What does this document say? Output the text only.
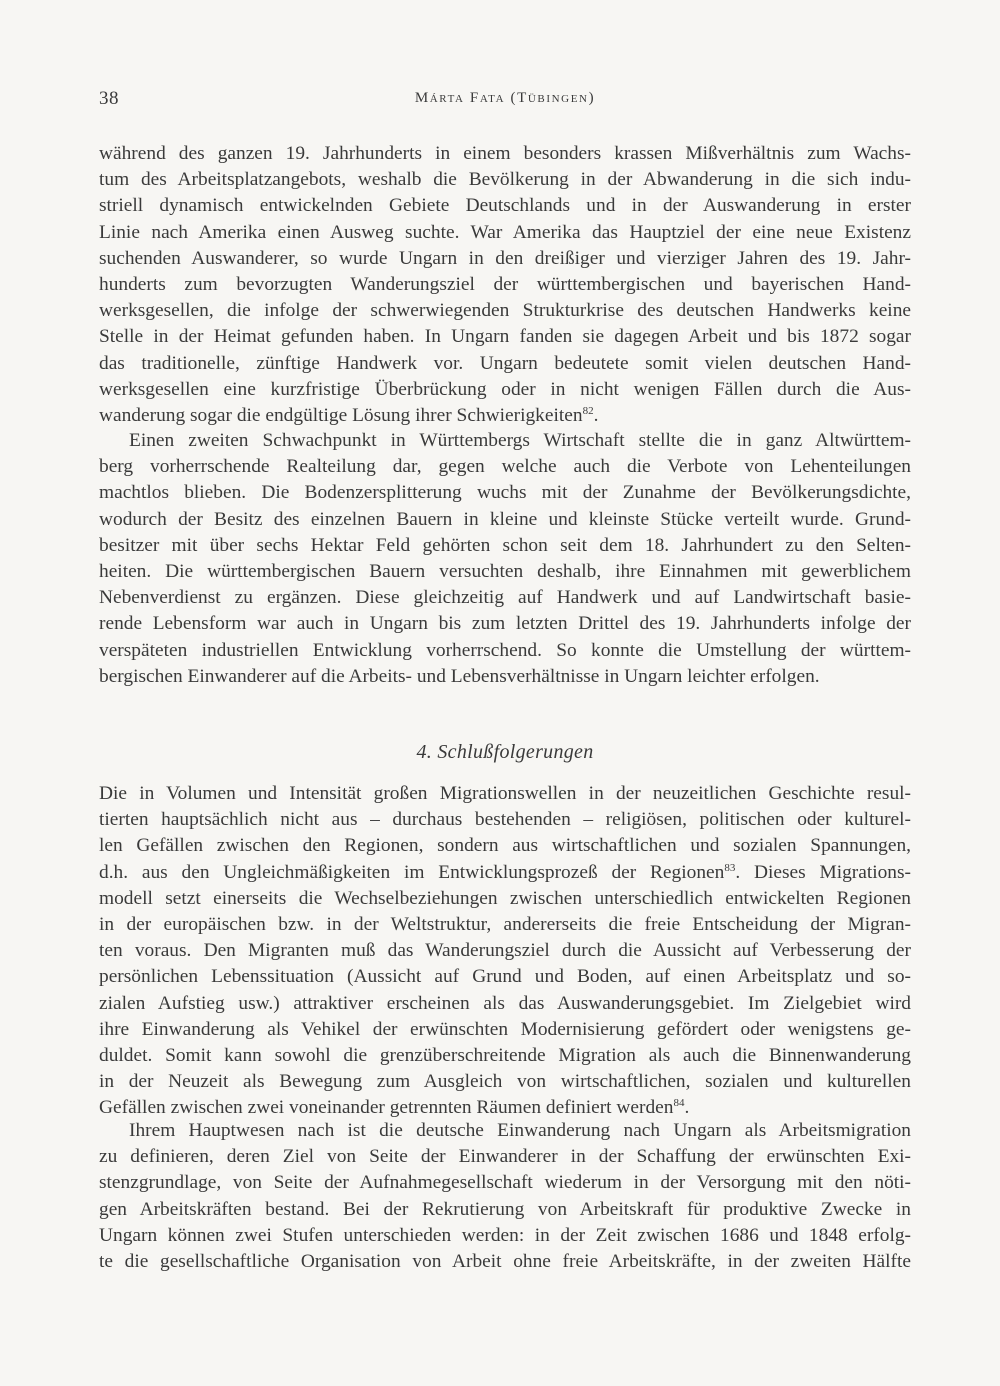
38	Márta Fata (Tübingen)
während des ganzen 19. Jahrhunderts in einem besonders krassen Mißverhältnis zum Wachs-
tum des Arbeitsplatzangebots, weshalb die Bevölkerung in der Abwanderung in die sich indu-
striell dynamisch entwickelnden Gebiete Deutschlands und in der Auswanderung in erster
Linie nach Amerika einen Ausweg suchte. War Amerika das Hauptziel der eine neue Existenz
suchenden Auswanderer, so wurde Ungarn in den dreißiger und vierziger Jahren des 19. Jahr-
hunderts zum bevorzugten Wanderungsziel der württembergischen und bayerischen Hand-
werksgesellen, die infolge der schwerwiegenden Strukturkrise des deutschen Handwerks keine
Stelle in der Heimat gefunden haben. In Ungarn fanden sie dagegen Arbeit und bis 1872 sogar
das traditionelle, zünftige Handwerk vor. Ungarn bedeutete somit vielen deutschen Hand-
werksgesellen eine kurzfristige Überbrückung oder in nicht wenigen Fällen durch die Aus-
wanderung sogar die endgültige Lösung ihrer Schwierigkeiten$^{82}$.
Einen zweiten Schwachpunkt in Württembergs Wirtschaft stellte die in ganz Altwürttem-
berg vorherrschende Realteilung dar, gegen welche auch die Verbote von Lehenteilungen
machtlos blieben. Die Bodenzersplitterung wuchs mit der Zunahme der Bevölkerungsdichte,
wodurch der Besitz des einzelnen Bauern in kleine und kleinste Stücke verteilt wurde. Grund-
besitzer mit über sechs Hektar Feld gehörten schon seit dem 18. Jahrhundert zu den Selten-
heiten. Die württembergischen Bauern versuchten deshalb, ihre Einnahmen mit gewerblichem
Nebenverdienst zu ergänzen. Diese gleichzeitig auf Handwerk und auf Landwirtschaft basie-
rende Lebensform war auch in Ungarn bis zum letzten Drittel des 19. Jahrhunderts infolge der
verspäteten industriellen Entwicklung vorherrschend. So konnte die Umstellung der württem-
bergischen Einwanderer auf die Arbeits- und Lebensverhältnisse in Ungarn leichter erfolgen.
4. Schlußfolgerungen
Die in Volumen und Intensität großen Migrationswellen in der neuzeitlichen Geschichte resul-
tierten hauptsächlich nicht aus – durchaus bestehenden – religiösen, politischen oder kulturel-
len Gefällen zwischen den Regionen, sondern aus wirtschaftlichen und sozialen Spannungen,
d.h. aus den Ungleichmäßigkeiten im Entwicklungsprozeß der Regionen$^{83}$. Dieses Migrations-
modell setzt einerseits die Wechselbeziehungen zwischen unterschiedlich entwickelten Regionen
in der europäischen bzw. in der Weltstruktur, andererseits die freie Entscheidung der Migran-
ten voraus. Den Migranten muß das Wanderungsziel durch die Aussicht auf Verbesserung der
persönlichen Lebenssituation (Aussicht auf Grund und Boden, auf einen Arbeitsplatz und so-
zialen Aufstieg usw.) attraktiver erscheinen als das Auswanderungsgebiet. Im Zielgebiet wird
ihre Einwanderung als Vehikel der erwünschten Modernisierung gefördert oder wenigstens ge-
duldet. Somit kann sowohl die grenzüberschreitende Migration als auch die Binnenwanderung
in der Neuzeit als Bewegung zum Ausgleich von wirtschaftlichen, sozialen und kulturellen
Gefällen zwischen zwei voneinander getrennten Räumen definiert werden$^{84}$.
Ihrem Hauptwesen nach ist die deutsche Einwanderung nach Ungarn als Arbeitsmigration
zu definieren, deren Ziel von Seite der Einwanderer in der Schaffung der erwünschten Exi-
stenzgrundlage, von Seite der Aufnahmegesellschaft wiederum in der Versorgung mit den nöti-
gen Arbeitskräften bestand. Bei der Rekrutierung von Arbeitskraft für produktive Zwecke in
Ungarn können zwei Stufen unterschieden werden: in der Zeit zwischen 1686 und 1848 erfolg-
te die gesellschaftliche Organisation von Arbeit ohne freie Arbeitskräfte, in der zweiten Hälfte
